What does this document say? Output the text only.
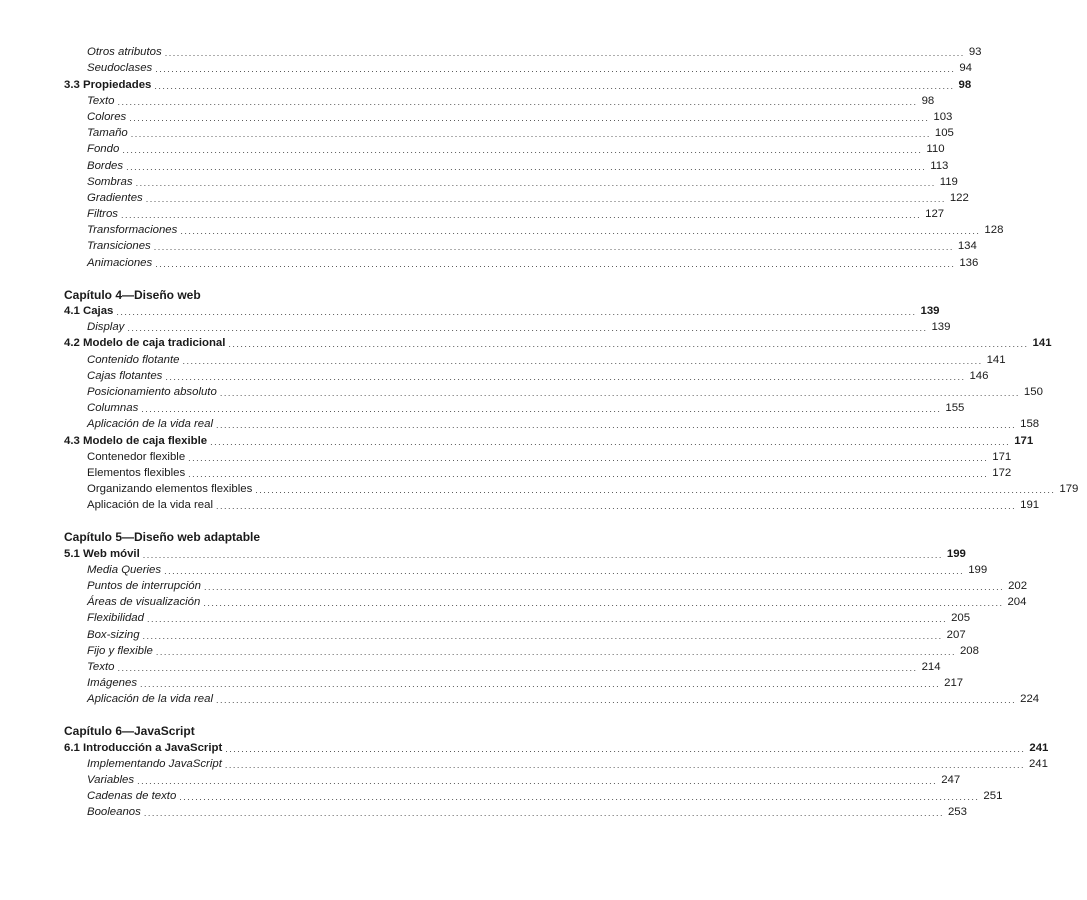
Otros atributos ........................................................................................................................................................................................................ 93
Seudoclases ........................................................................................................................................................................................................ 94
3.3 Propiedades ........................................................................................................................................................................................................ 98
Texto ........................................................................................................................................................................................................ 98
Colores ........................................................................................................................................................................................................ 103
Tamaño ........................................................................................................................................................................................................ 105
Fondo ........................................................................................................................................................................................................ 110
Bordes ........................................................................................................................................................................................................ 113
Sombras ........................................................................................................................................................................................................ 119
Gradientes ........................................................................................................................................................................................................ 122
Filtros ........................................................................................................................................................................................................ 127
Transformaciones ........................................................................................................................................................................................................ 128
Transiciones ........................................................................................................................................................................................................ 134
Animaciones ........................................................................................................................................................................................................ 136
Capítulo 4—Diseño web
4.1 Cajas ........................................................................................................................................................................................................ 139
Display ........................................................................................................................................................................................................ 139
4.2 Modelo de caja tradicional ........................................................................................................................................................................................................ 141
Contenido flotante ........................................................................................................................................................................................................ 141
Cajas flotantes ........................................................................................................................................................................................................ 146
Posicionamiento absoluto ........................................................................................................................................................................................................ 150
Columnas ........................................................................................................................................................................................................ 155
Aplicación de la vida real ........................................................................................................................................................................................................ 158
4.3 Modelo de caja flexible ........................................................................................................................................................................................................ 171
Contenedor flexible ........................................................................................................................................................................................................ 171
Elementos flexibles ........................................................................................................................................................................................................ 172
Organizando elementos flexibles ........................................................................................................................................................................................................ 179
Aplicación de la vida real ........................................................................................................................................................................................................ 191
Capítulo 5—Diseño web adaptable
5.1 Web móvil ........................................................................................................................................................................................................ 199
Media Queries ........................................................................................................................................................................................................ 199
Puntos de interrupción ........................................................................................................................................................................................................ 202
Áreas de visualización ........................................................................................................................................................................................................ 204
Flexibilidad ........................................................................................................................................................................................................ 205
Box-sizing ........................................................................................................................................................................................................ 207
Fijo y flexible ........................................................................................................................................................................................................ 208
Texto ........................................................................................................................................................................................................ 214
Imágenes ........................................................................................................................................................................................................ 217
Aplicación de la vida real ........................................................................................................................................................................................................ 224
Capítulo 6—JavaScript
6.1 Introducción a JavaScript ........................................................................................................................................................................................................ 241
Implementando JavaScript ........................................................................................................................................................................................................ 241
Variables ........................................................................................................................................................................................................ 247
Cadenas de texto ........................................................................................................................................................................................................ 251
Booleanos ........................................................................................................................................................................................................ 253
